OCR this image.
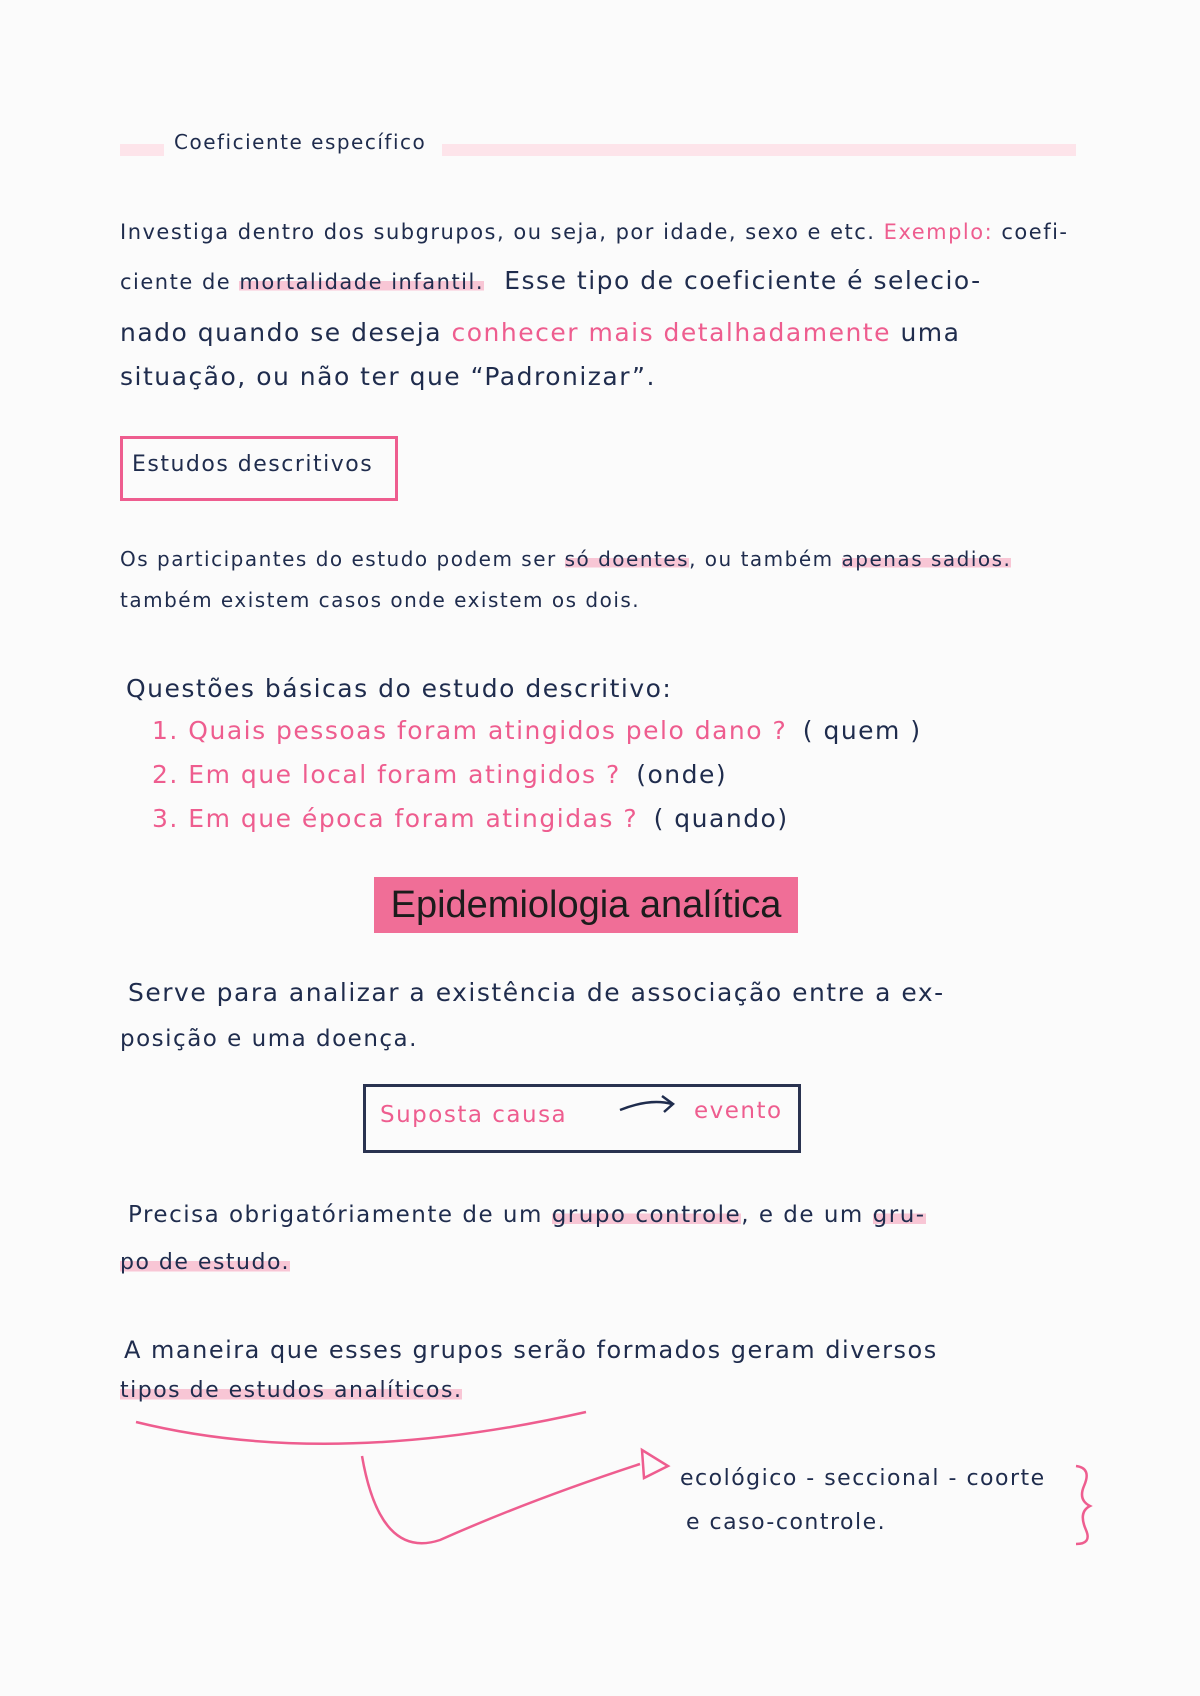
Coeficiente específico
Investiga dentro dos subgrupos, ou seja, por idade, sexo e etc. Exemplo: coefi-
ciente de mortalidade infantil. Esse tipo de coeficiente é selecio-
nado quando se deseja conhecer mais detalhadamente uma
situação, ou não ter que “Padronizar”.
Estudos descritivos
Os participantes do estudo podem ser só doentes, ou também apenas sadios.
também existem casos onde existem os dois.
Questões básicas do estudo descritivo:
1. Quais pessoas foram atingidos pelo dano ? ( quem )
2. Em que local foram atingidos ? (onde)
3. Em que época foram atingidas ? ( quando)
Epidemiologia analítica
Serve para analizar a existência de associação entre a ex-
posição e uma doença.
Suposta causa	evento
Precisa obrigatóriamente de um grupo controle, e de um gru-
po de estudo.
A maneira que esses grupos serão formados geram diversos
tipos de estudos analíticos.
ecológico - seccional - coorte
e caso-controle.
